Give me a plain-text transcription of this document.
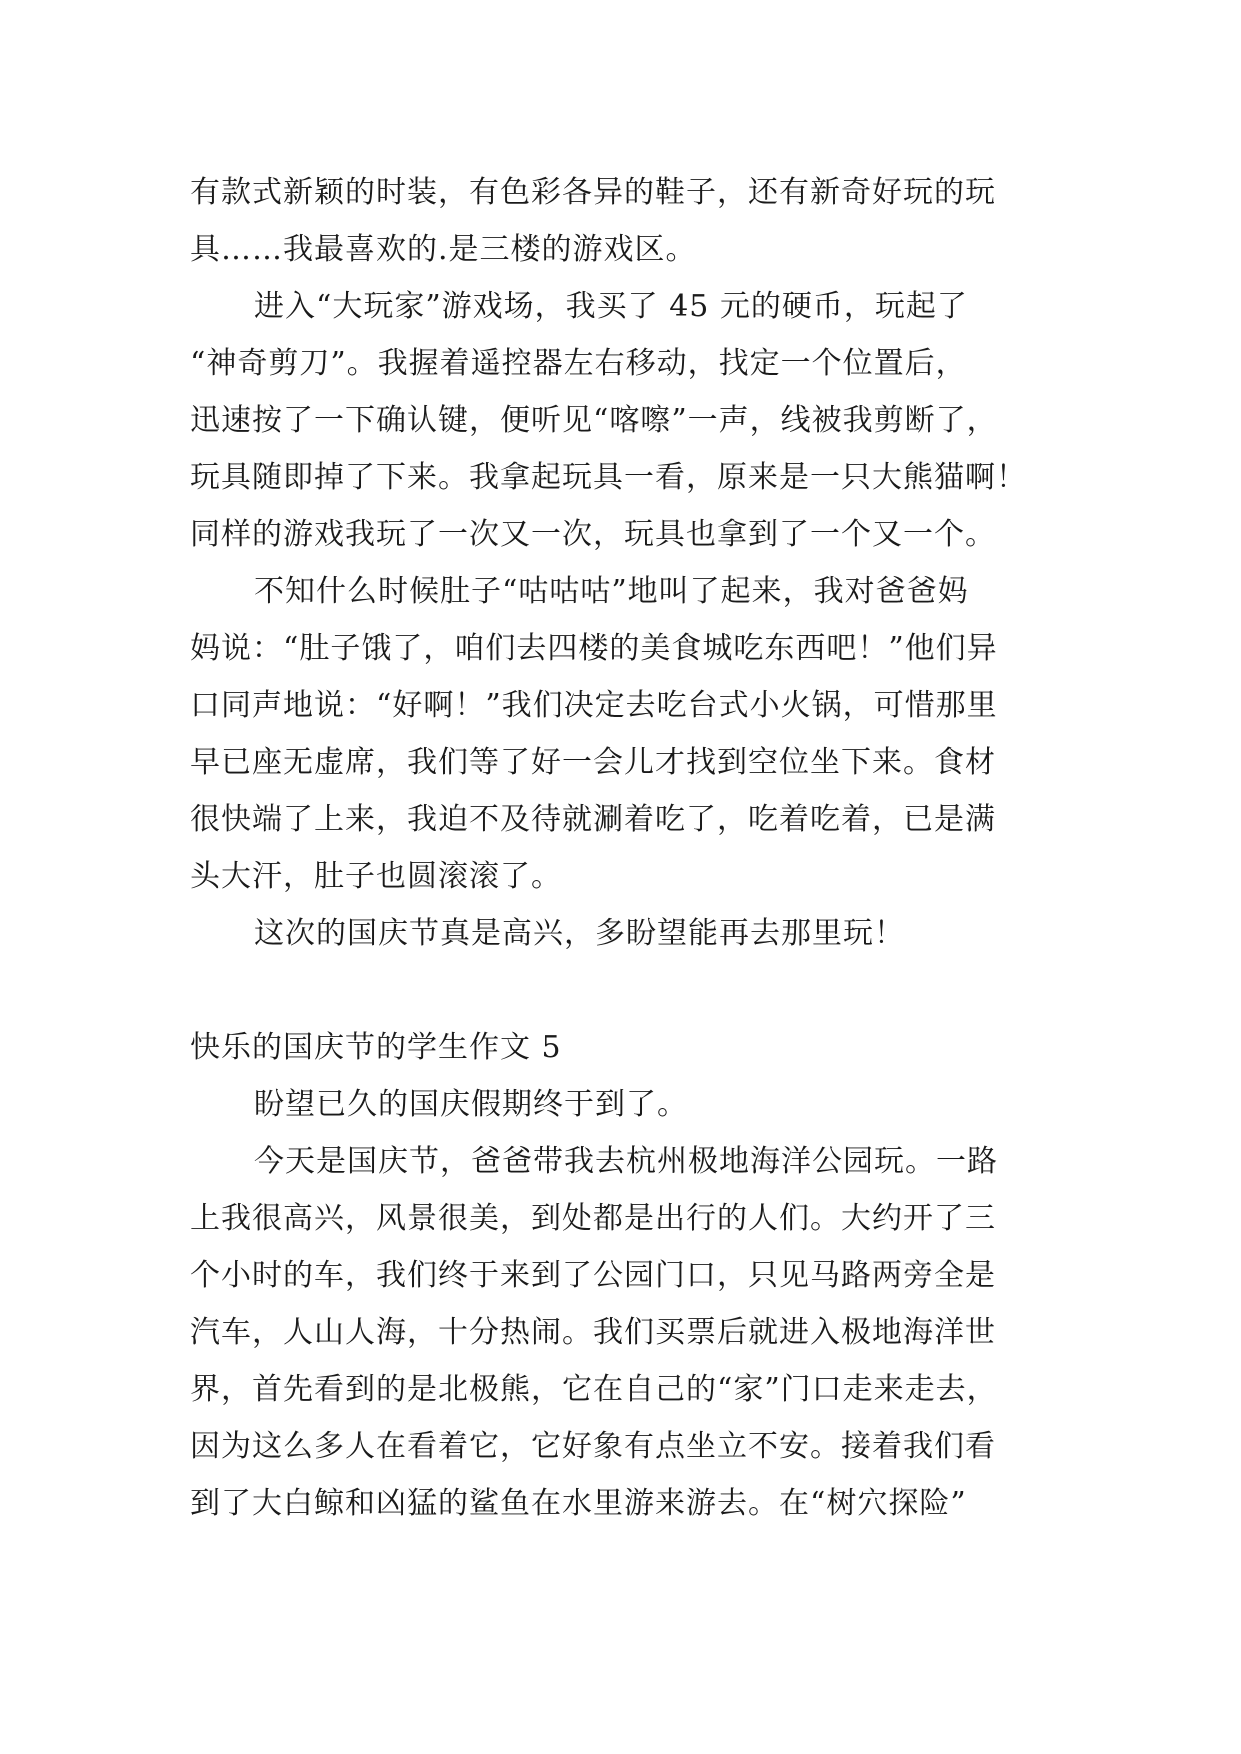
有款式新颖的时装，有色彩各异的鞋子，还有新奇好玩的玩
具……我最喜欢的.是三楼的游戏区。
进入“大玩家”游戏场，我买了 45 元的硬币，玩起了
“神奇剪刀”。我握着遥控器左右移动，找定一个位置后，
迅速按了一下确认键，便听见“喀嚓”一声，线被我剪断了，
玩具随即掉了下来。我拿起玩具一看，原来是一只大熊猫啊！
同样的游戏我玩了一次又一次，玩具也拿到了一个又一个。
不知什么时候肚子“咕咕咕”地叫了起来，我对爸爸妈
妈说：“肚子饿了，咱们去四楼的美食城吃东西吧！”他们异
口同声地说：“好啊！”我们决定去吃台式小火锅，可惜那里
早已座无虚席，我们等了好一会儿才找到空位坐下来。食材
很快端了上来，我迫不及待就涮着吃了，吃着吃着，已是满
头大汗，肚子也圆滚滚了。
这次的国庆节真是高兴，多盼望能再去那里玩！
快乐的国庆节的学生作文 5
盼望已久的国庆假期终于到了。
今天是国庆节，爸爸带我去杭州极地海洋公园玩。一路
上我很高兴，风景很美，到处都是出行的人们。大约开了三
个小时的车，我们终于来到了公园门口，只见马路两旁全是
汽车，人山人海，十分热闹。我们买票后就进入极地海洋世
界，首先看到的是北极熊，它在自己的“家”门口走来走去，
因为这么多人在看着它，它好象有点坐立不安。接着我们看
到了大白鲸和凶猛的鲨鱼在水里游来游去。在“树穴探险”
